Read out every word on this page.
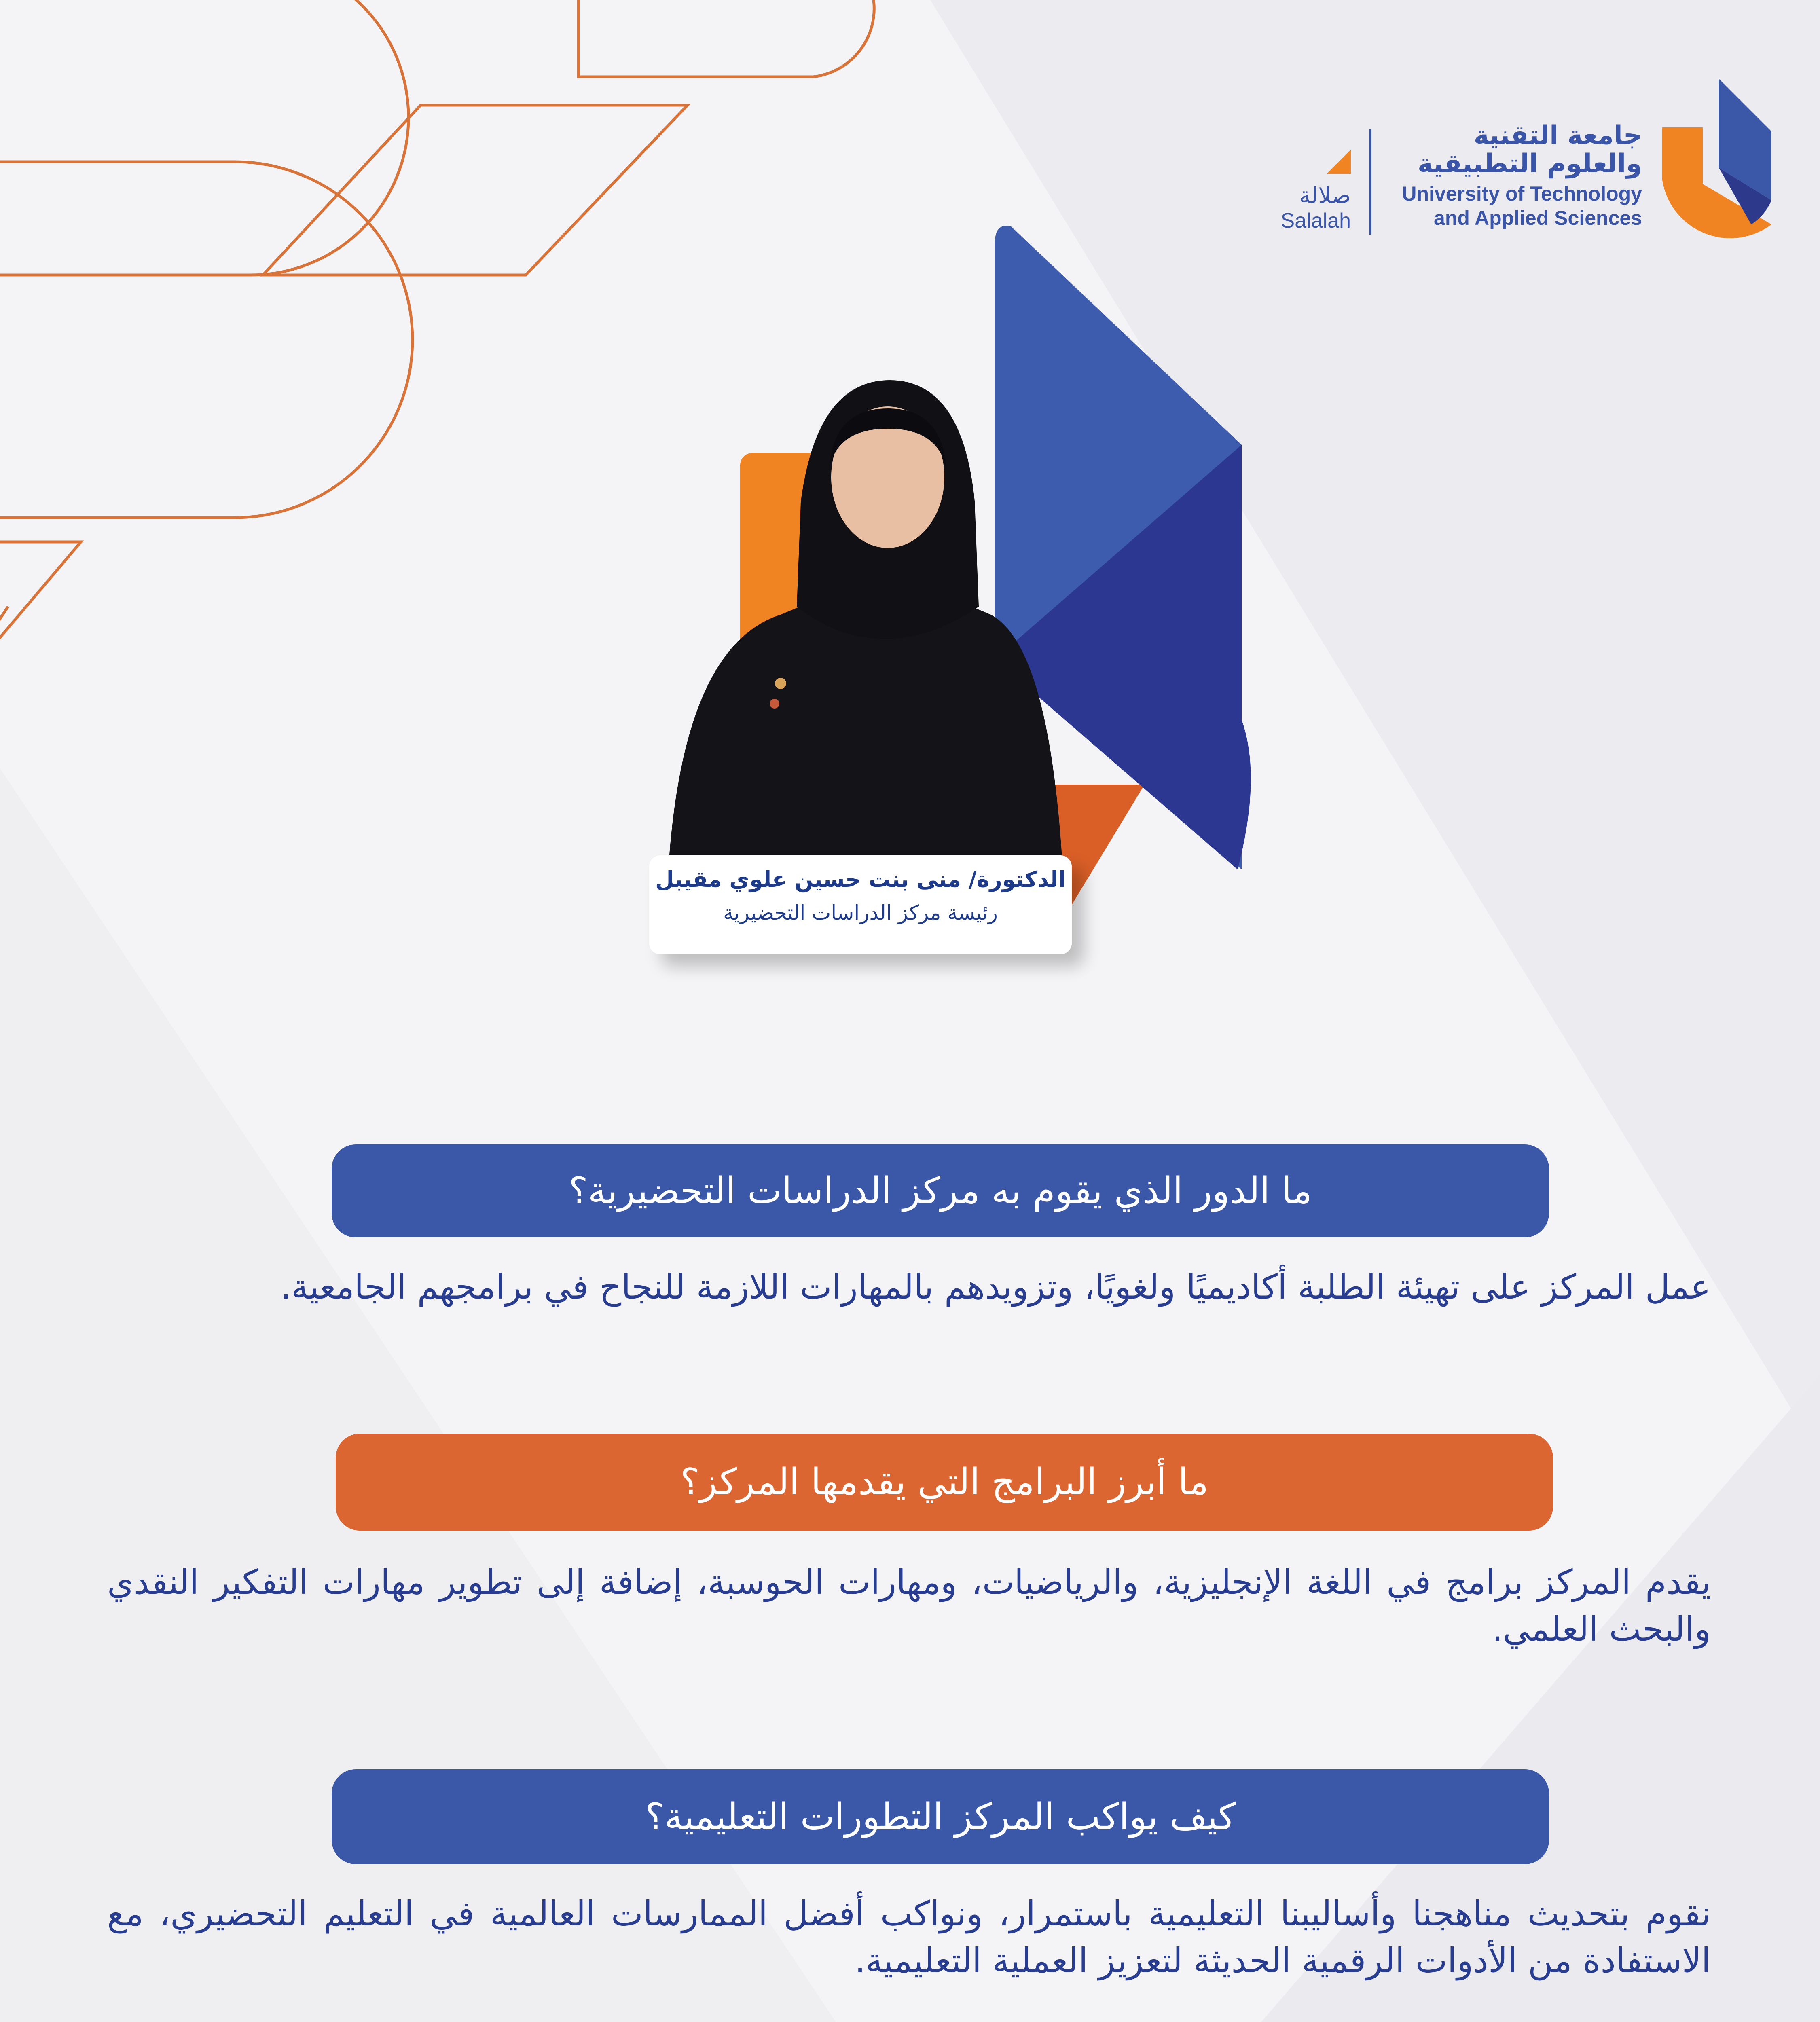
جامعة التقنية
والعلوم التطبيقية
University of Technology
and Applied Sciences
صلالة
Salalah
الدكتورة/ منى بنت حسين علوي مقيبل
رئيسة مركز الدراسات التحضيرية
ما الدور الذي يقوم به مركز الدراسات التحضيرية؟
عمل المركز على تهيئة الطلبة أكاديميًا ولغويًا، وتزويدهم بالمهارات اللازمة للنجاح في برامجهم الجامعية.
ما أبرز البرامج التي يقدمها المركز؟
يقدم المركز برامج في اللغة الإنجليزية، والرياضيات، ومهارات الحوسبة، إضافة إلى تطوير مهارات التفكير النقدي والبحث العلمي.
كيف يواكب المركز التطورات التعليمية؟
نقوم بتحديث مناهجنا وأساليبنا التعليمية باستمرار، ونواكب أفضل الممارسات العالمية في التعليم التحضيري، مع الاستفادة من الأدوات الرقمية الحديثة لتعزيز العملية التعليمية.
